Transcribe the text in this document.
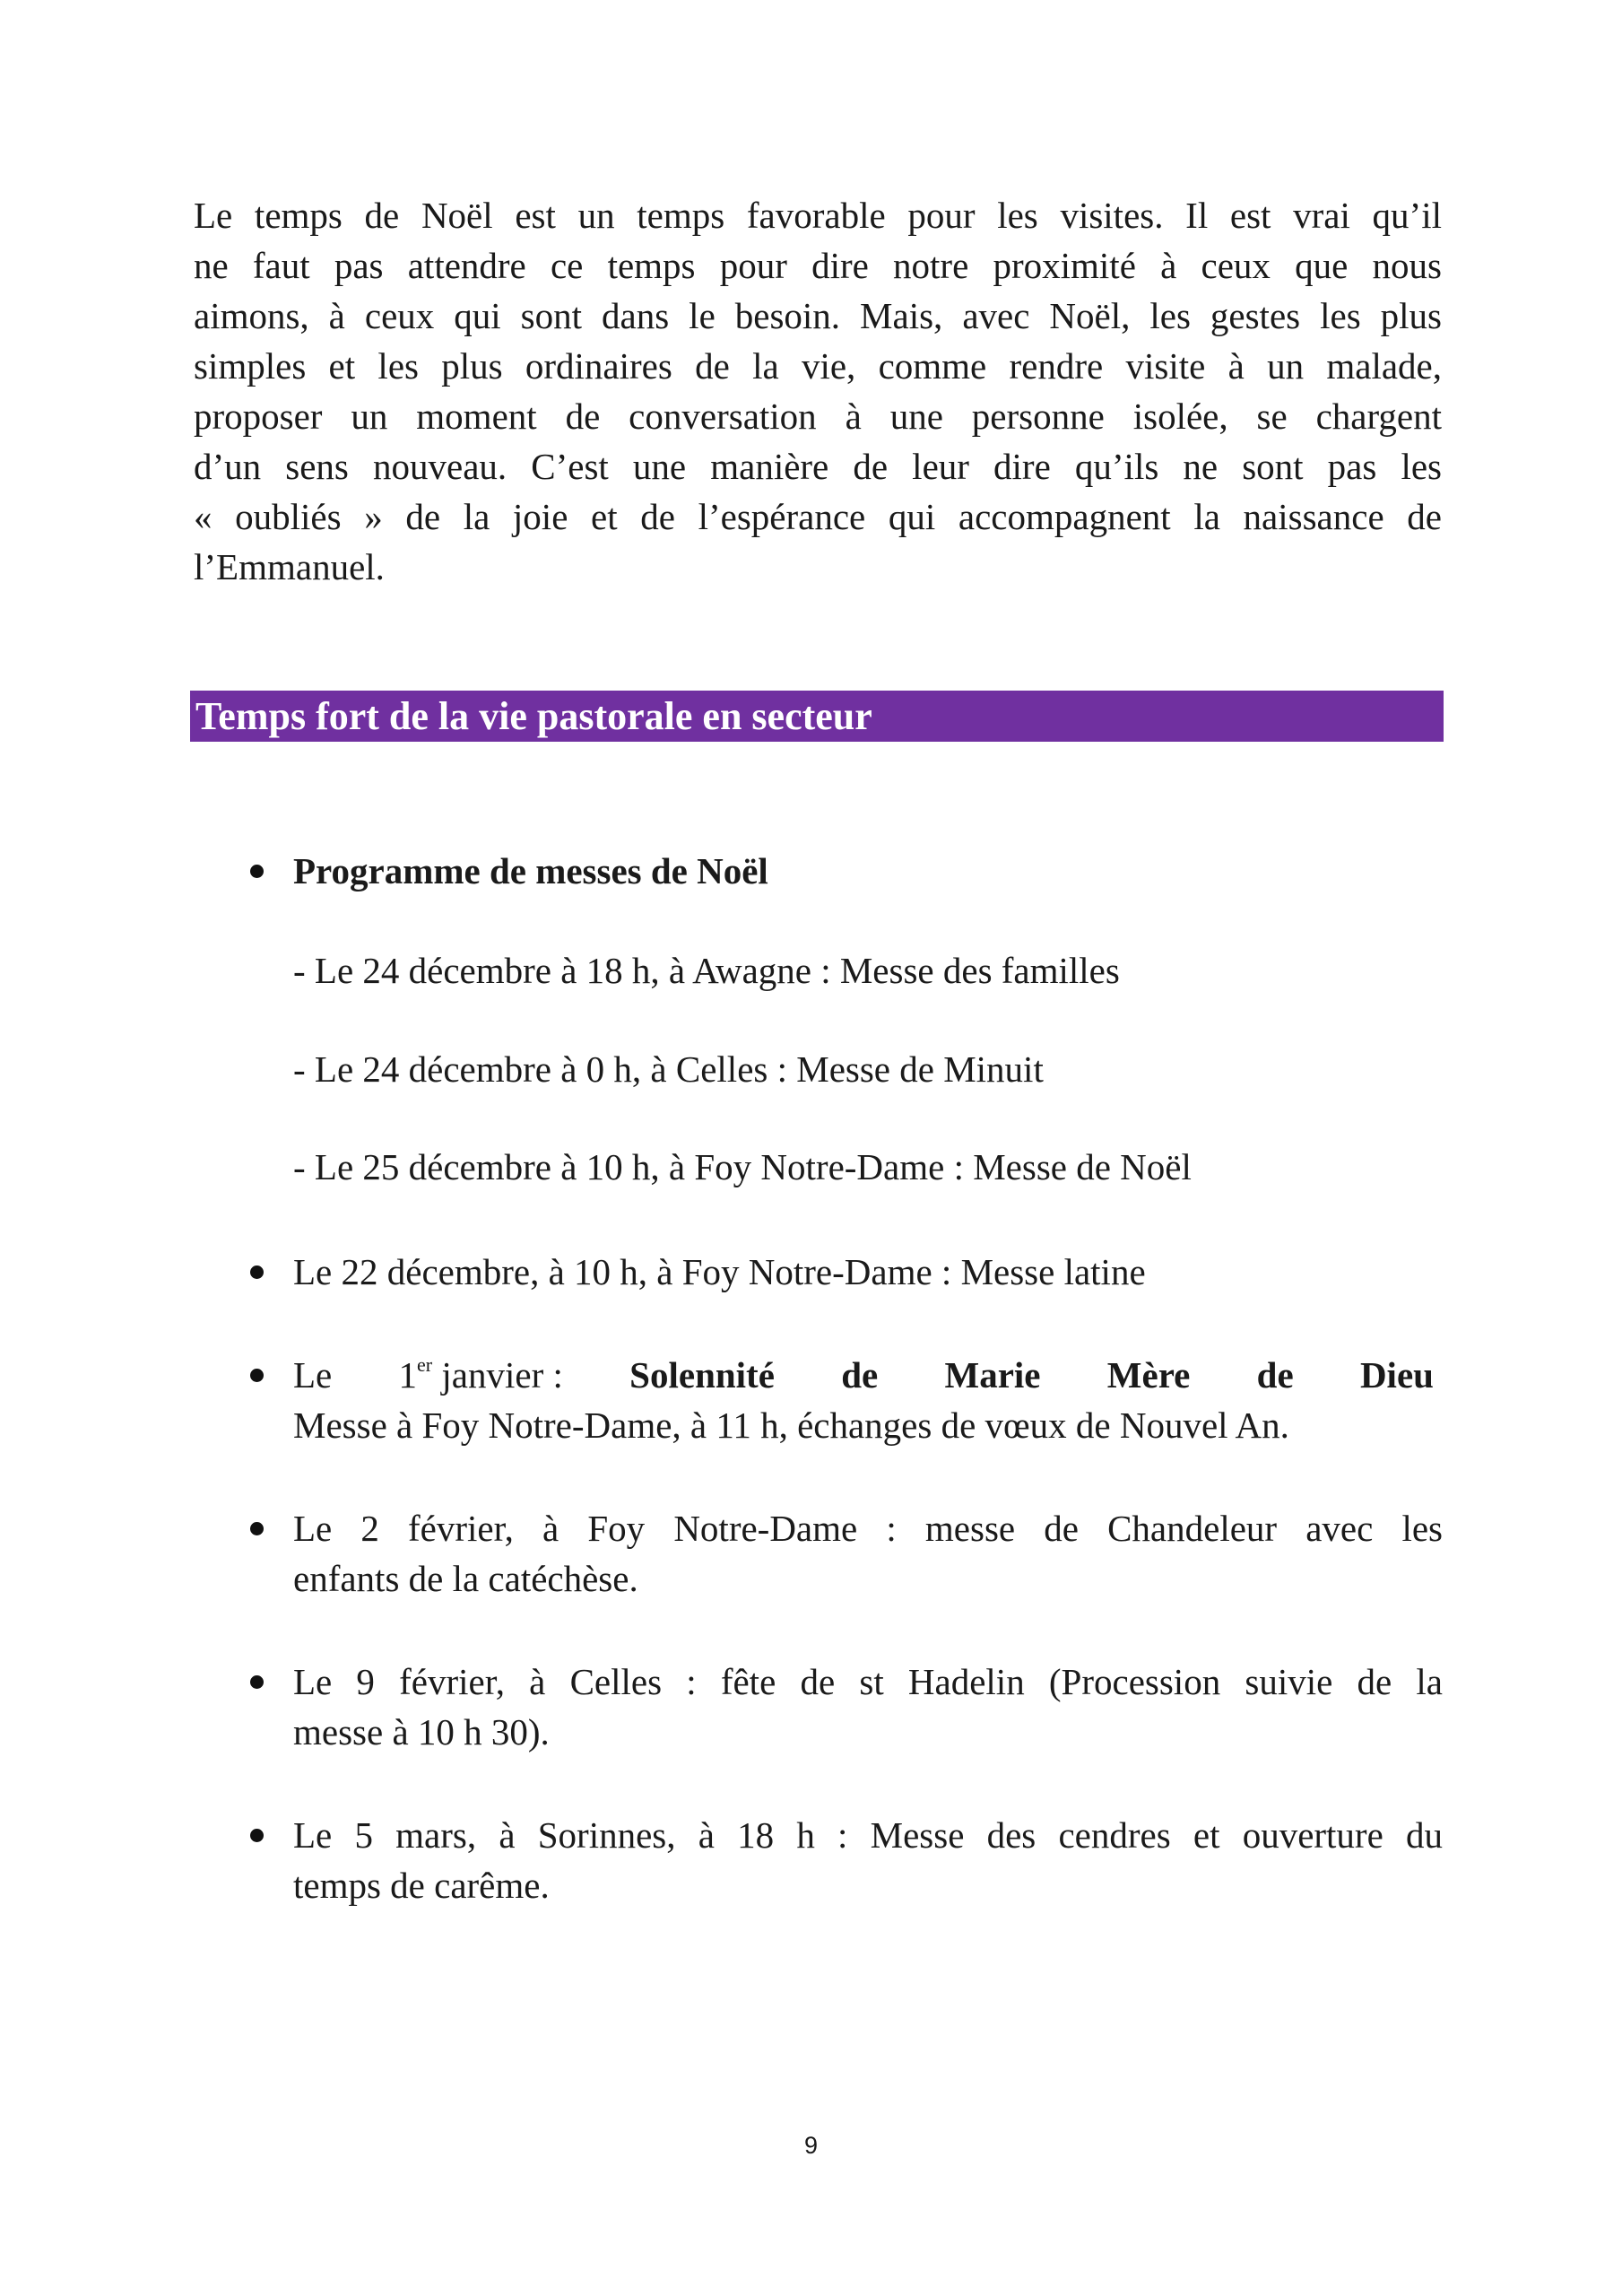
Le temps de Noël est un temps favorable pour les visites. Il est vrai qu’il
ne faut pas attendre ce temps pour dire notre proximité à ceux que nous
aimons, à ceux qui sont dans le besoin. Mais, avec Noël, les gestes les plus
simples et les plus ordinaires de la vie, comme rendre visite à un malade,
proposer un moment de conversation à une personne isolée, se chargent
d’un sens nouveau. C’est une manière de leur dire qu’ils ne sont pas les
« oubliés » de la joie et de l’espérance qui accompagnent la naissance de
l’Emmanuel.
Temps fort de la vie pastorale en secteur
Programme de messes de Noël
- Le 24 décembre à 18 h, à Awagne : Messe des familles
- Le 24 décembre à 0 h, à Celles : Messe de Minuit
- Le 25 décembre à 10 h, à Foy Notre-Dame : Messe de Noël
Le 22 décembre, à 10 h, à Foy Notre-Dame : Messe latine
Le 1er janvier : Solennité de Marie Mère de Dieu
Messe à Foy Notre-Dame, à 11 h, échanges de vœux de Nouvel An.
Le 2 février, à Foy Notre-Dame : messe de Chandeleur avec les
enfants de la catéchèse.
Le 9 février, à Celles : fête de st Hadelin (Procession suivie de la
messe à 10 h 30).
Le 5 mars, à Sorinnes, à 18 h : Messe des cendres et ouverture du
temps de carême.
9
